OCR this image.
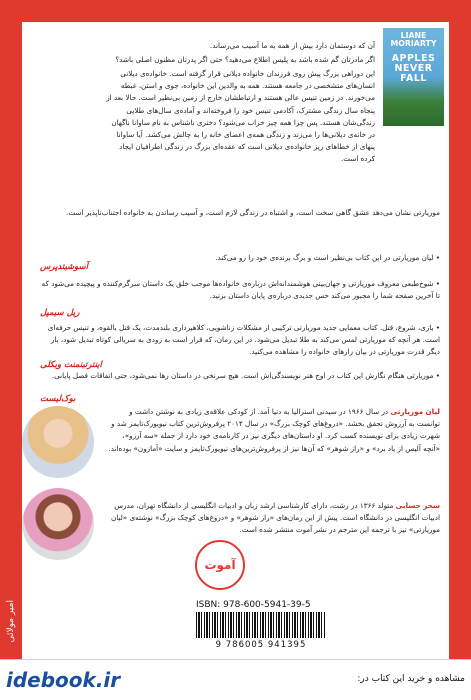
LIANE MORIARTY
APPLES NEVER FALL

آن که دوستمان دارد بیش از همه به ما آسیب می‌رساند.

اگر مادرتان گم شده باشد به پلیس اطلاع می‌دهید؟ حتی اگر پدرتان مظنون اصلی باشد؟

این دوراهی بزرگ پیش روی فرزندان خانواده دیلانی قرار گرفته است. خانواده‌ی دیلانی انسان‌های متشخصی در جامعه هستند. همه به والدین این خانواده، جوی و استن، غبطه می‌خورند. در زمین تنیس عالی هستند و ارتباطشان خارج از زمین بی‌نظیر است. حالا بعد از پنجاه سال زندگی مشترک، آکادمی تنیس خود را فروخته‌اند و آماده‌ی سال‌های طلایی زندگی‌شان هستند. پس چرا همه چیز خراب می‌شود؟ دختری ناشناس به نام ساوانا ناگهان در خانه‌ی دیلانی‌ها را می‌زند و زندگی همه‌ی اعضای خانه را به چالش می‌کشد. آیا ساوانا پنهای از خطاهای ریز خانواده‌ی دیلانی است که عقده‌ای بزرگ در زندگی اطرافیان ایجاد کرده است.

موریارتی نشان می‌دهد عشق گاهی سخت است، و اشتباه در زندگی لازم است، و آسیب رساندن به خانواده اجتناب‌ناپذیر است.

• لیان موریارتی در این کتاب بی‌نظیر است و برگ برنده‌ی خود را رو می‌کند.

آسوشیتدپرس

• شوخ‌طبعی معروف موریارتی و جهان‌بینی هوشمندانه‌اش درباره‌ی خانواده‌ها موجب خلق یک داستان سرگرم‌کننده و پیچیده می‌شود که تا آخرین صفحه شما را مجبور می‌کند حس جدیدی درباره‌ی پایان داستان بزنید.

ریل سیمپل

• بازی، شروع، قتل. کتاب معمایی جدید موریارتی ترکیبی از مشکلات زناشویی، کلاهبرداری بلندمدت، یک قتل بالقوه، و تنیس حرفه‌ای است. هر آنچه که موریارتی لمس می‌کند به طلا تبدیل می‌شود. در این رمان، که قرار است به زودی به سریالی کوتاه تبدیل شود، بار دیگر قدرت موریارتی در بیان رازهای خانواده را مشاهده می‌کنید.

اینترتینمنت ویکلی

• موریارتی هنگام نگارش این کتاب در اوج هنر نویسندگی‌اش است. هیچ سرنخی در داستان رها نمی‌شود، حتی اتفاقات فصل پایانی.

بوک‌لیست

لیان موریارتی در سال ۱۹۶۶ در سیدنی استرالیا به دنیا آمد. از کودکی علاقه‌ی زیادی به نوشتن داشت و توانست به آرزوش تحقق بخشد. «دروغ‌های کوچک بزرگ» در سال ۲۰۱۴ پرفروش‌ترین کتاب نیویورک‌تایمز شد و شهرت زیادی برای نویسنده کسب کرد. او داستان‌های دیگری نیز در کارنامه‌ی خود دارد از جمله «سه آرزو»، «آنچه آلیس از یاد برد» و «راز شوهر» که آن‌ها نیز از پرفروش‌ترین‌های نیویورک‌تایمز و سایت «آمازون» بوده‌اند.

سحر حسابی متولد ۱۳۶۶ در رشت، دارای کارشناسی ارشد زبان و ادبیات انگلیسی از دانشگاه تهران، مدرس ادبیات انگلیسی در دانشگاه است. پیش از این رمان‌های «راز شوهر» و «دروغ‌های کوچک بزرگ» نوشته‌ی «لیان موریارتی» نیز با ترجمه این مترجم در نشر آموت منتشر شده است.

آموت
ISBN: 978-600-5941-39-5
9 786005 941395
امیر مولائی
idebook.ir	مشاهده و خرید این کتاب در:
